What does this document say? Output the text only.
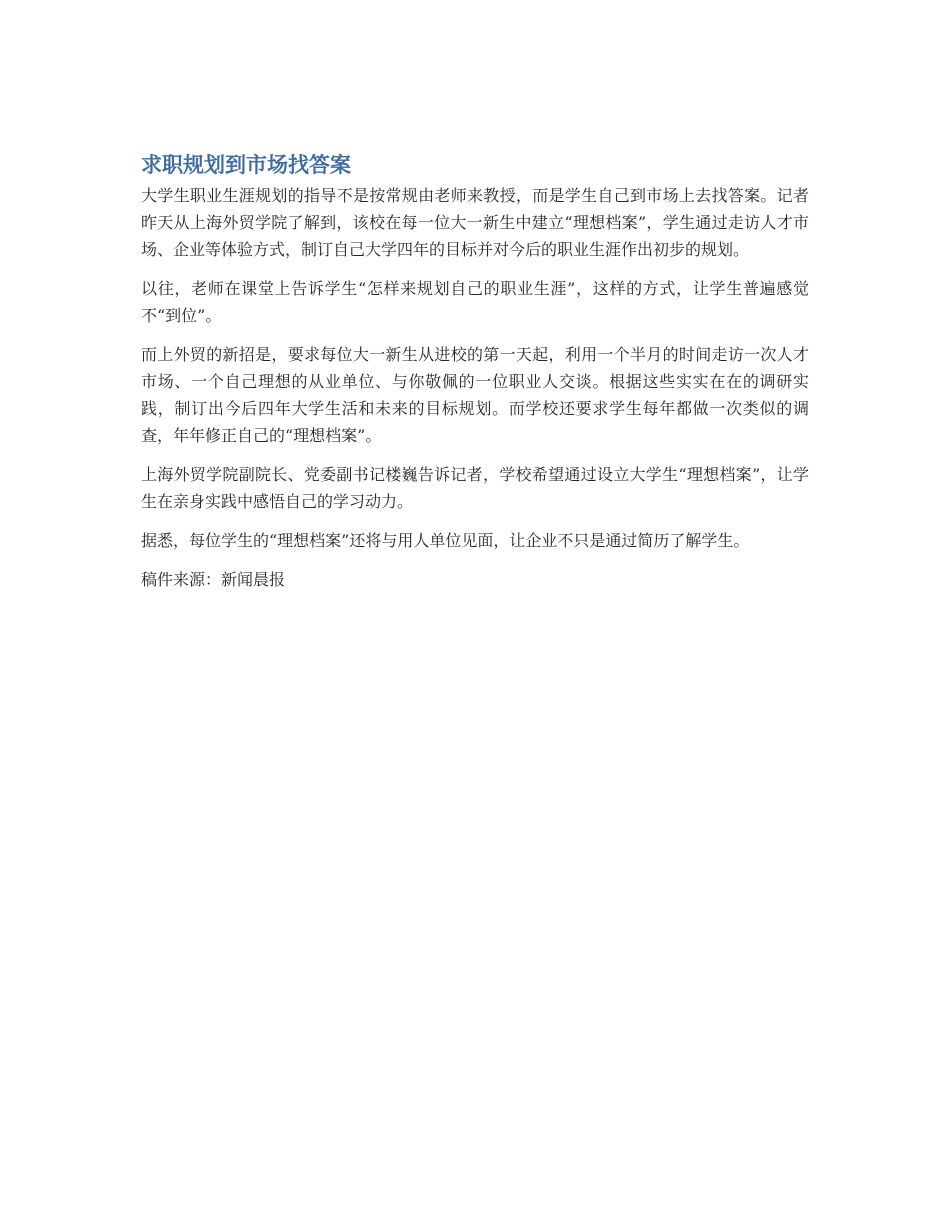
求职规划到市场找答案

大学生职业生涯规划的指导不是按常规由老师来教授，而是学生自己到市场上去找答案。记者昨天从上海外贸学院了解到，该校在每一位大一新生中建立“理想档案”，学生通过走访人才市场、企业等体验方式，制订自己大学四年的目标并对今后的职业生涯作出初步的规划。

以往，老师在课堂上告诉学生“怎样来规划自己的职业生涯”，这样的方式，让学生普遍感觉不“到位”。

而上外贸的新招是，要求每位大一新生从进校的第一天起，利用一个半月的时间走访一次人才市场、一个自己理想的从业单位、与你敬佩的一位职业人交谈。根据这些实实在在的调研实践，制订出今后四年大学生活和未来的目标规划。而学校还要求学生每年都做一次类似的调查，年年修正自己的“理想档案”。

上海外贸学院副院长、党委副书记楼巍告诉记者，学校希望通过设立大学生“理想档案”，让学生在亲身实践中感悟自己的学习动力。

据悉，每位学生的“理想档案”还将与用人单位见面，让企业不只是通过简历了解学生。

稿件来源：新闻晨报
